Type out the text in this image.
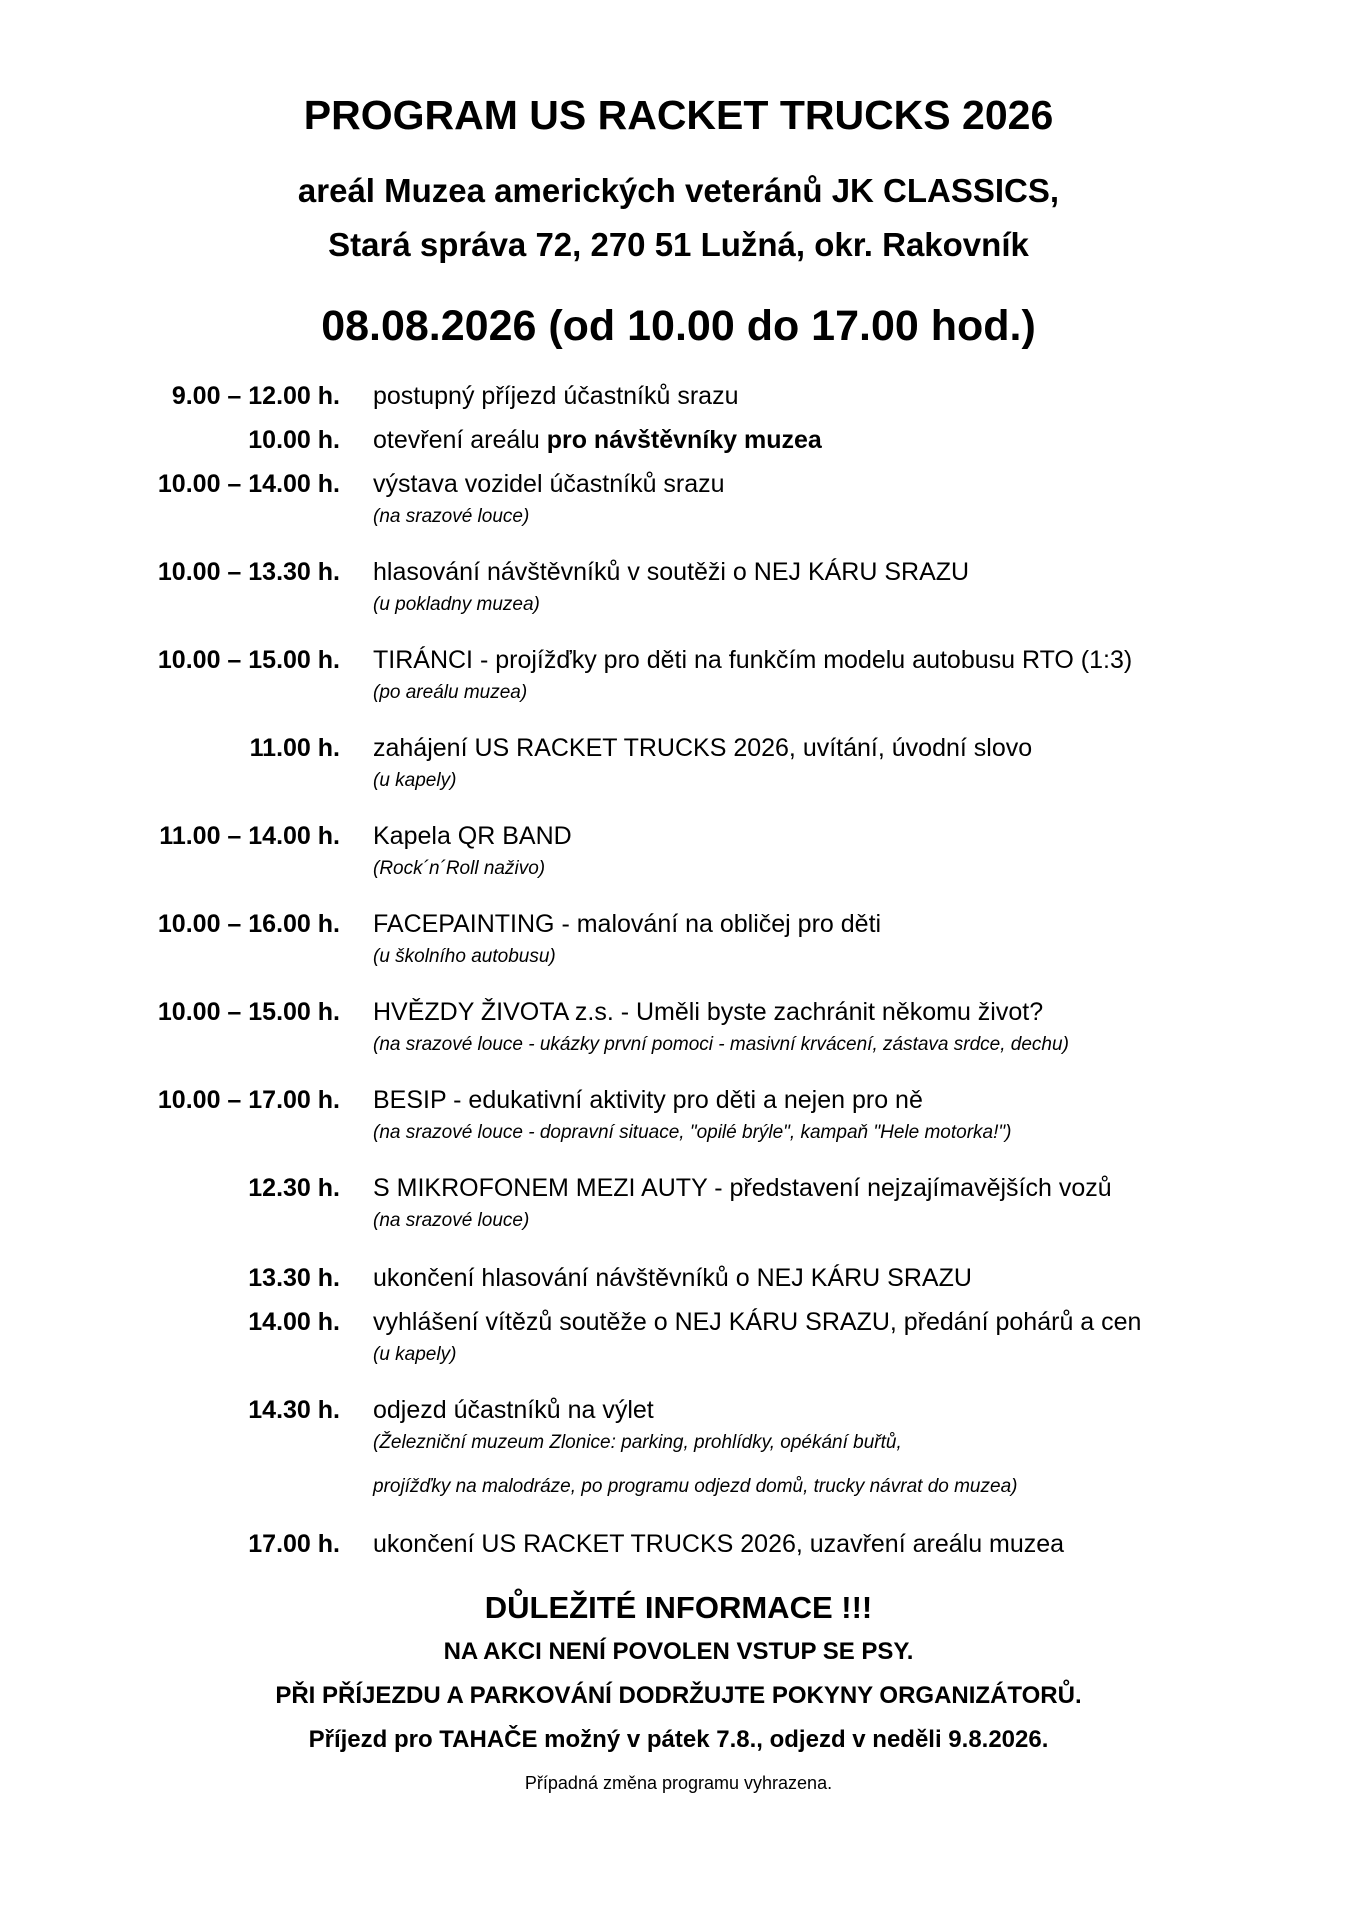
PROGRAM US RACKET TRUCKS 2026
areál Muzea amerických veteránů JK CLASSICS,
Stará správa 72, 270 51 Lužná, okr. Rakovník
08.08.2026 (od 10.00 do 17.00 hod.)
9.00 – 12.00 h. postupný příjezd účastníků srazu
10.00 h. otevření areálu pro návštěvníky muzea
10.00 – 14.00 h. výstava vozidel účastníků srazu
(na srazové louce)
10.00 – 13.30 h. hlasování návštěvníků v soutěži o NEJ KÁRU SRAZU
(u pokladny muzea)
10.00 – 15.00 h. TIRÁNCI - projížďky pro děti na funkčím modelu autobusu RTO (1:3)
(po areálu muzea)
11.00 h. zahájení US RACKET TRUCKS 2026, uvítání, úvodní slovo
(u kapely)
11.00 – 14.00 h. Kapela QR BAND
(Rock´n´Roll naživo)
10.00 – 16.00 h. FACEPAINTING - malování na obličej pro děti
(u školního autobusu)
10.00 – 15.00 h. HVĚZDY ŽIVOTA z.s. - Uměli byste zachránit někomu život?
(na srazové louce - ukázky první pomoci - masivní krvácení, zástava srdce, dechu)
10.00 – 17.00 h. BESIP - edukativní aktivity pro děti a nejen pro ně
(na srazové louce - dopravní situace, "opilé brýle", kampaň "Hele motorka!")
12.30 h. S MIKROFONEM MEZI AUTY - představení nejzajímavějších vozů
(na srazové louce)
13.30 h. ukončení hlasování návštěvníků o NEJ KÁRU SRAZU
14.00 h. vyhlášení vítězů soutěže o NEJ KÁRU SRAZU, předání pohárů a cen
(u kapely)
14.30 h. odjezd účastníků na výlet
(Železniční muzeum Zlonice: parking, prohlídky, opékání buřtů,
projížďky na malodráze, po programu odjezd domů, trucky návrat do muzea)
17.00 h. ukončení US RACKET TRUCKS 2026, uzavření areálu muzea
DŮLEŽITÉ INFORMACE !!!
NA AKCI NENÍ POVOLEN VSTUP SE PSY.
PŘI PŘÍJEZDU A PARKOVÁNÍ DODRŽUJTE POKYNY ORGANIZÁTORŮ.
Příjezd pro TAHAČE možný v pátek 7.8., odjezd v neděli 9.8.2026.
Případná změna programu vyhrazena.
